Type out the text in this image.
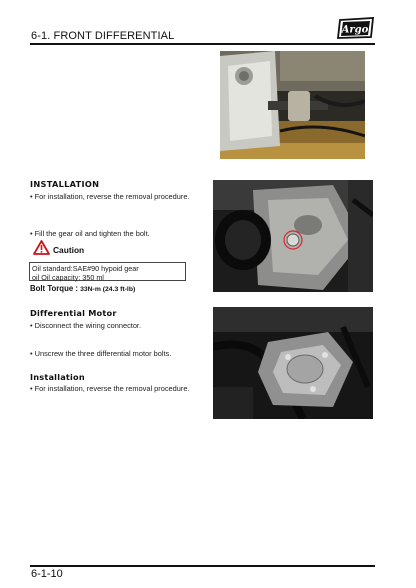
6-1. FRONT DIFFERENTIAL	Argo
INSTALLATION
• For installation, reverse the removal procedure.
• Fill the gear oil and tighten the bolt.
Caution
Oil standard:SAE#90 hypoid gear
oil Oil capacity: 350 ml
Bolt Torque : 33N-m (24.3 ft-lb)
Differential Motor
• Disconnect the wiring connector.
• Unscrew the three differential motor bolts.
Installation
• For installation, reverse the removal procedure.
6-1-10
